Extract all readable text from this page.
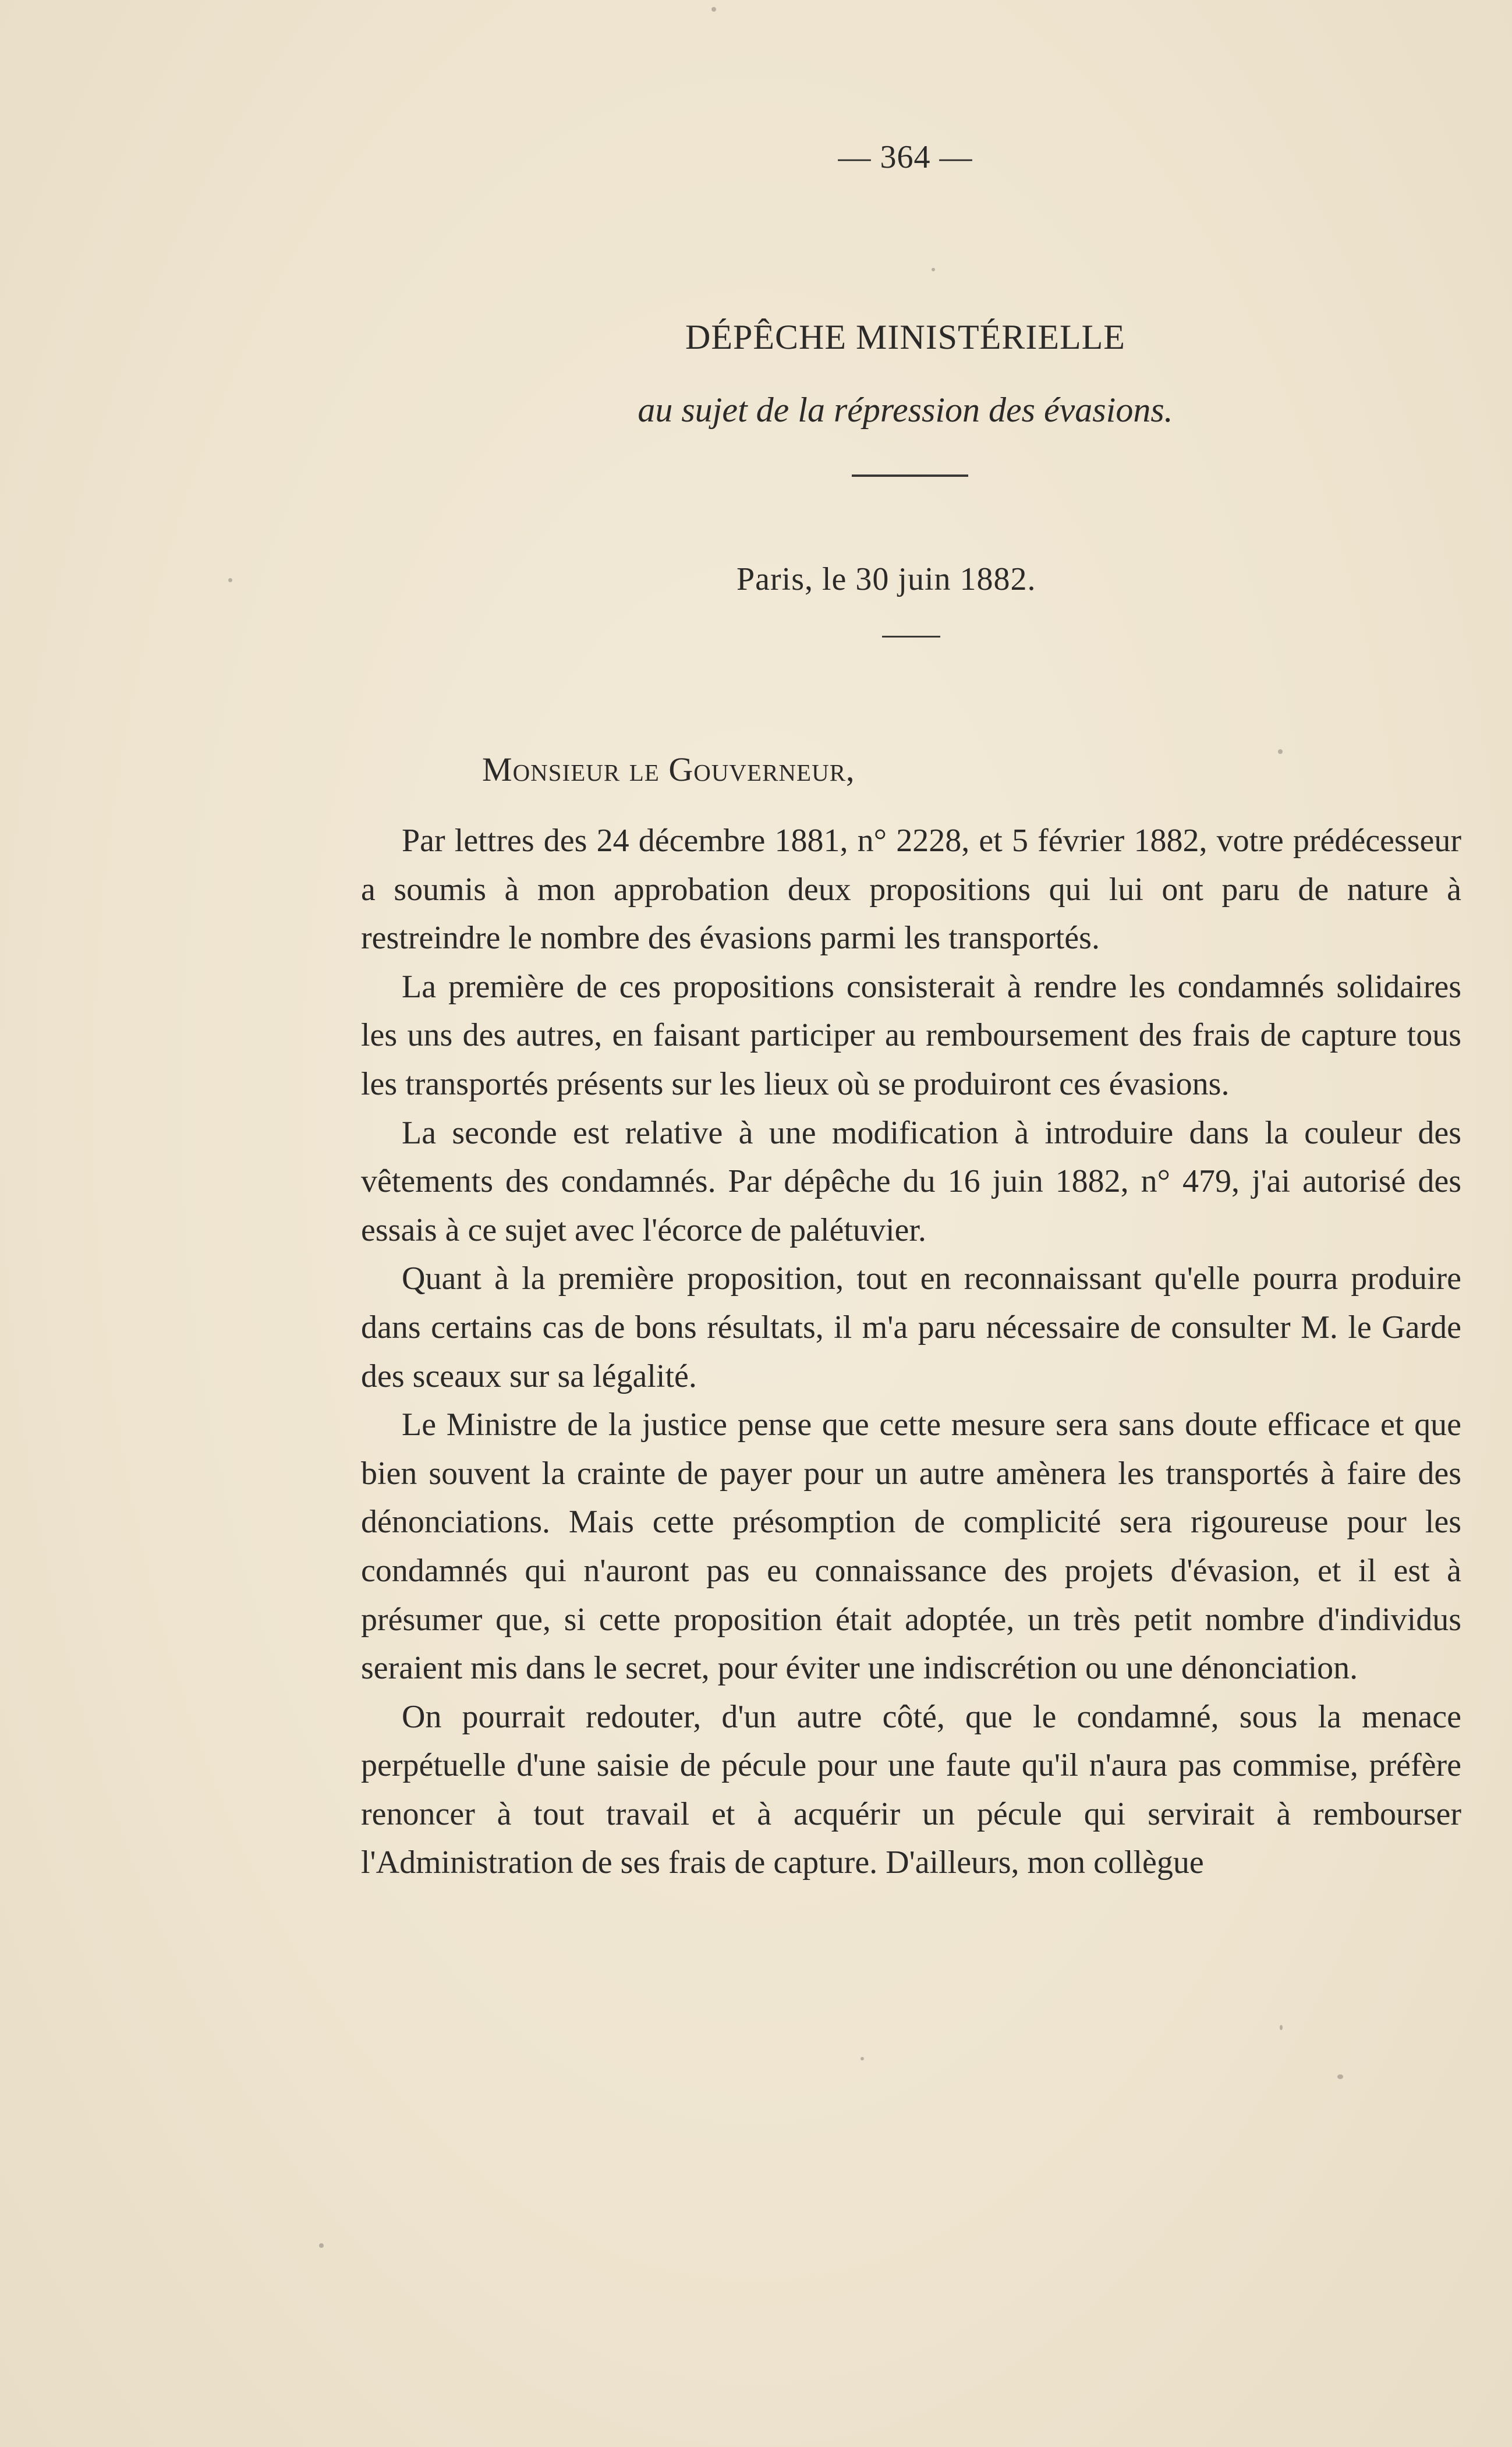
— 364 —
DÉPÊCHE MINISTÉRIELLE
au sujet de la répression des évasions.
Paris, le 30 juin 1882.
Monsieur le Gouverneur,

Par lettres des 24 décembre 1881, n° 2228, et 5 février 1882, votre prédécesseur a soumis à mon approbation deux propositions qui lui ont paru de nature à restreindre le nombre des évasions parmi les transportés.

La première de ces propositions consisterait à rendre les condamnés solidaires les uns des autres, en faisant participer au remboursement des frais de capture tous les transportés présents sur les lieux où se produiront ces évasions.

La seconde est relative à une modification à introduire dans la couleur des vêtements des condamnés. Par dépêche du 16 juin 1882, n° 479, j'ai autorisé des essais à ce sujet avec l'écorce de palétuvier.

Quant à la première proposition, tout en reconnaissant qu'elle pourra produire dans certains cas de bons résultats, il m'a paru nécessaire de consulter M. le Garde des sceaux sur sa légalité.

Le Ministre de la justice pense que cette mesure sera sans doute efficace et que bien souvent la crainte de payer pour un autre amènera les transportés à faire des dénonciations. Mais cette présomption de complicité sera rigoureuse pour les condamnés qui n'auront pas eu connaissance des projets d'évasion, et il est à présumer que, si cette proposition était adoptée, un très petit nombre d'individus seraient mis dans le secret, pour éviter une indiscrétion ou une dénonciation.

On pourrait redouter, d'un autre côté, que le condamné, sous la menace perpétuelle d'une saisie de pécule pour une faute qu'il n'aura pas commise, préfère renoncer à tout travail et à acquérir un pécule qui servirait à rembourser l'Administration de ses frais de capture. D'ailleurs, mon collègue
